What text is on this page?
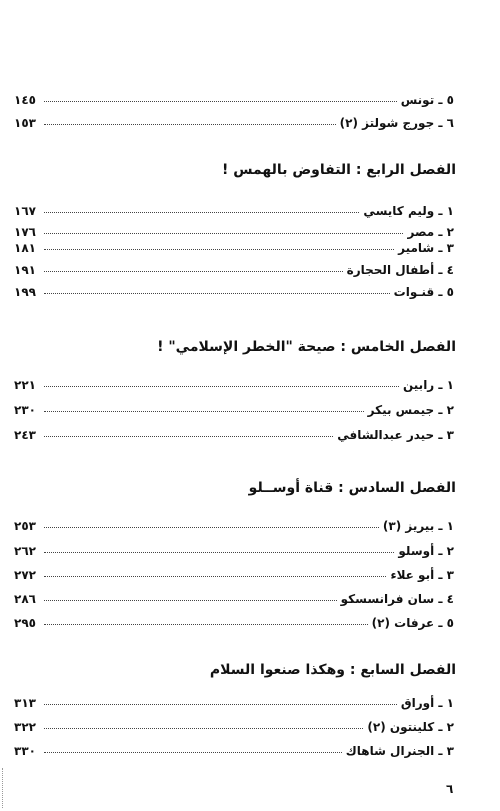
٥ ـ تونس
١٤٥
٦ ـ جورج شولتز (٢)
١٥٣
الفصل الرابع : التفاوض بالهمس !
١ ـ وليم كايسي
١٦٧
٢ ـ مصر
١٧٦
٣ ـ شامير
١٨١
٤ ـ أطفال الحجارة
١٩١
٥ ـ قنـوات
١٩٩
الفصل الخامس : صيحة "الخطر الإسلامي" !
١ ـ رابين
٢٢١
٢ ـ جيمس بيكر
٢٣٠
٣ ـ حيدر عبدالشافي
٢٤٣
الفصل السادس : قناة أوســلو
١ ـ بيريز (٣)
٢٥٣
٢ ـ أوسلو
٢٦٢
٣ ـ أبو علاء
٢٧٢
٤ ـ سان فرانسسكو
٢٨٦
٥ ـ عرفات (٢)
٢٩٥
الفصل السابع : وهكذا صنعوا السلام
١ ـ أوراق
٣١٣
٢ ـ كلينتون (٢)
٣٢٢
٣ ـ الجنرال شاهاك
٣٣٠
٦
